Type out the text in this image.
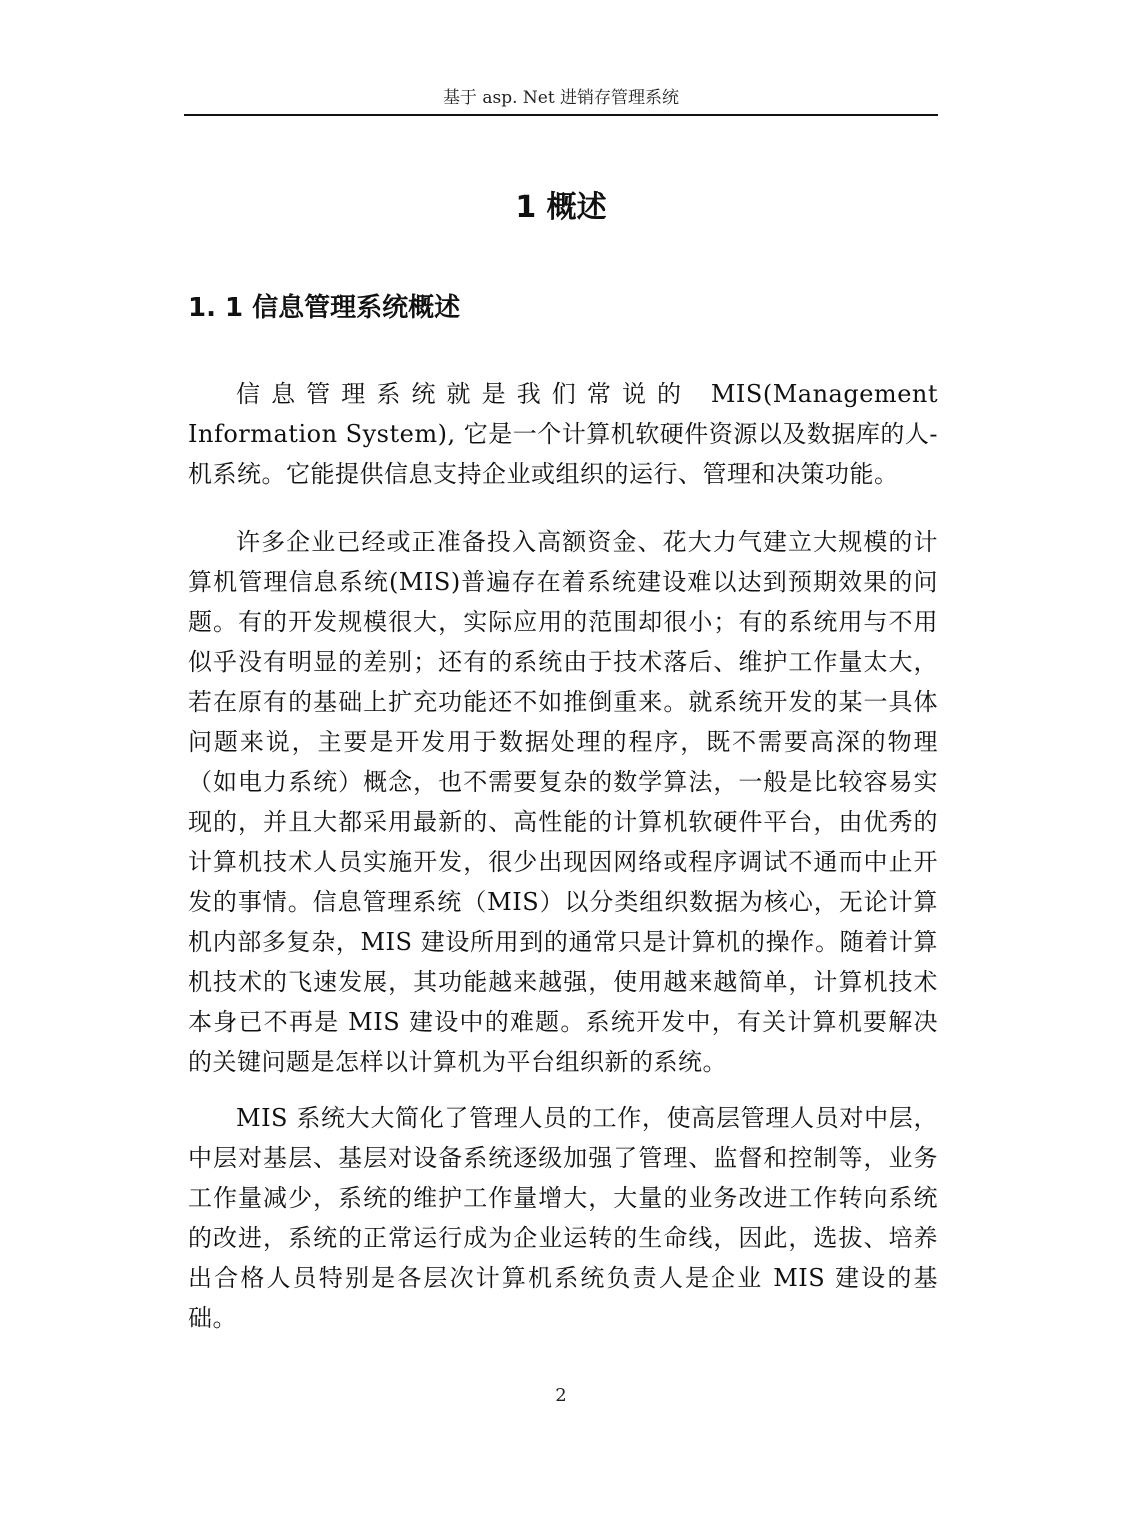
基于 asp. Net 进销存管理系统
1 概述
1. 1 信息管理系统概述

信息管理系统就是我们常说的 MIS(Management Information System), 它是一个计算机软硬件资源以及数据库的人-机系统。它能提供信息支持企业或组织的运行、管理和决策功能。

许多企业已经或正准备投入高额资金、花大力气建立大规模的计算机管理信息系统(MIS)普遍存在着系统建设难以达到预期效果的问题。有的开发规模很大，实际应用的范围却很小；有的系统用与不用似乎没有明显的差别；还有的系统由于技术落后、维护工作量太大，若在原有的基础上扩充功能还不如推倒重来。就系统开发的某一具体问题来说，主要是开发用于数据处理的程序，既不需要高深的物理（如电力系统）概念，也不需要复杂的数学算法，一般是比较容易实现的，并且大都采用最新的、高性能的计算机软硬件平台，由优秀的计算机技术人员实施开发，很少出现因网络或程序调试不通而中止开发的事情。信息管理系统（MIS）以分类组织数据为核心，无论计算机内部多复杂，MIS 建设所用到的通常只是计算机的操作。随着计算机技术的飞速发展，其功能越来越强，使用越来越简单，计算机技术本身已不再是 MIS 建设中的难题。系统开发中，有关计算机要解决的关键问题是怎样以计算机为平台组织新的系统。

MIS 系统大大简化了管理人员的工作，使高层管理人员对中层，中层对基层、基层对设备系统逐级加强了管理、监督和控制等，业务工作量减少，系统的维护工作量增大，大量的业务改进工作转向系统的改进，系统的正常运行成为企业运转的生命线，因此，选拔、培养出合格人员特别是各层次计算机系统负责人是企业 MIS 建设的基础。

2
